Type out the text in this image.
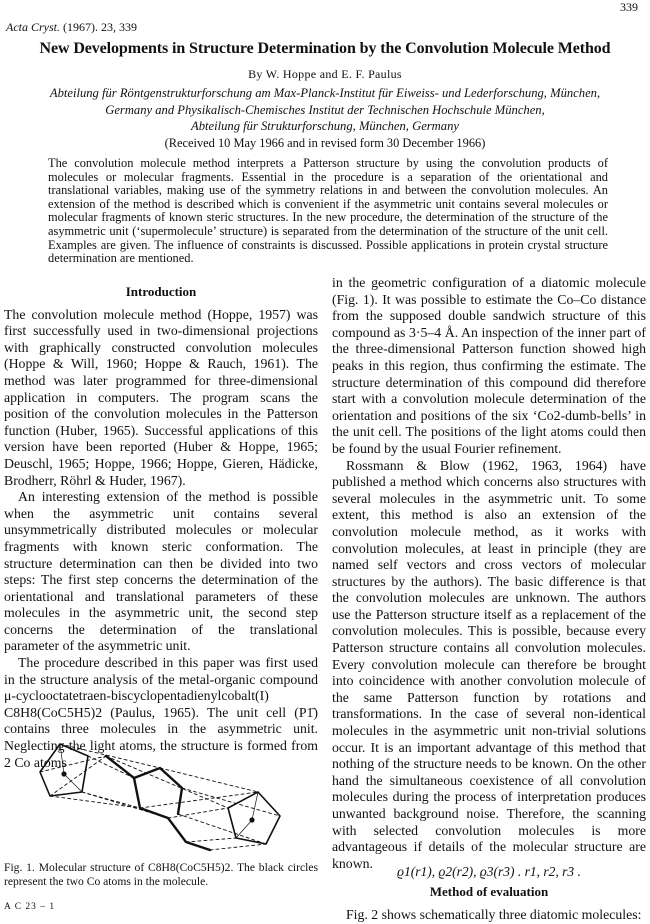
339
Acta Cryst. (1967). 23, 339
New Developments in Structure Determination by the Convolution Molecule Method
By W. Hoppe and E. F. Paulus
Abteilung für Röntgenstrukturforschung am Max-Planck-Institut für Eiweiss- und Lederforschung, München,
Germany and Physikalisch-Chemisches Institut der Technischen Hochschule München,
Abteilung für Strukturforschung, München, Germany
(Received 10 May 1966 and in revised form 30 December 1966)
The convolution molecule method interprets a Patterson structure by using the convolution products of molecules or molecular fragments. Essential in the procedure is a separation of the orientational and translational variables, making use of the symmetry relations in and between the convolution molecules. An extension of the method is described which is convenient if the asymmetric unit contains several molecules or molecular fragments of known steric structures. In the new procedure, the determination of the structure of the asymmetric unit (‘supermolecule’ structure) is separated from the determination of the structure of the unit cell. Examples are given. The influence of constraints is discussed. Possible applications in protein crystal structure determination are mentioned.
Introduction

The convolution molecule method (Hoppe, 1957) was first successfully used in two-dimensional projections with graphically constructed convolution molecules (Hoppe & Will, 1960; Hoppe & Rauch, 1961). The method was later programmed for three-dimensional application in computers. The program scans the position of the convolution molecules in the Patterson function (Huber, 1965). Successful applications of this version have been reported (Huber & Hoppe, 1965; Deuschl, 1965; Hoppe, 1966; Hoppe, Gieren, Hädicke, Brodherr, Röhrl & Huder, 1967).

An interesting extension of the method is possible when the asymmetric unit contains several unsymmetrically distributed molecules or molecular fragments with known steric conformation. The structure determination can then be divided into two steps: The first step concerns the determination of the orientational and translational parameters of these molecules in the asymmetric unit, the second step concerns the determination of the translational parameter of the asymmetric unit.

The procedure described in this paper was first used in the structure analysis of the metal-organic compound μ-cyclooctatetraen-biscyclopentadienylcobalt(I) C8H8(CoC5H5)2 (Paulus, 1965). The unit cell (P1̄) contains three molecules in the asymmetric unit. Neglecting the light atoms, the structure is formed from 2 Co atoms

Fig. 1. Molecular structure of C8H8(CoC5H5)2. The black circles represent the two Co atoms in the molecule.
A C 23 – 1

in the geometric configuration of a diatomic molecule (Fig. 1). It was possible to estimate the Co–Co distance from the supposed double sandwich structure of this compound as 3·5–4 Å. An inspection of the inner part of the three-dimensional Patterson function showed high peaks in this region, thus confirming the estimate. The structure determination of this compound did therefore start with a convolution molecule determination of the orientation and positions of the six ‘Co2-dumb-bells’ in the unit cell. The positions of the light atoms could then be found by the usual Fourier refinement.

Rossmann & Blow (1962, 1963, 1964) have published a method which concerns also structures with several molecules in the asymmetric unit. To some extent, this method is also an extension of the convolution molecule method, as it works with convolution molecules, at least in principle (they are named self vectors and cross vectors of molecular structures by the authors). The basic difference is that the convolution molecules are unknown. The authors use the Patterson structure itself as a replacement of the convolution molecules. This is possible, because every Patterson structure contains all convolution molecules. Every convolution molecule can therefore be brought into coincidence with another convolution molecule of the same Patterson function by rotations and transformations. In the case of several non-identical molecules in the asymmetric unit non-trivial solutions occur. It is an important advantage of this method that nothing of the structure needs to be known. On the other hand the simultaneous coexistence of all convolution molecules during the process of interpretation produces unwanted background noise. Therefore, the scanning with selected convolution molecules is more advantageous if details of the molecular structure are known.

Method of evaluation

Fig. 2 shows schematically three diatomic molecules:

ϱ1(r1), ϱ2(r2), ϱ3(r3) . r1, r2, r3 .
